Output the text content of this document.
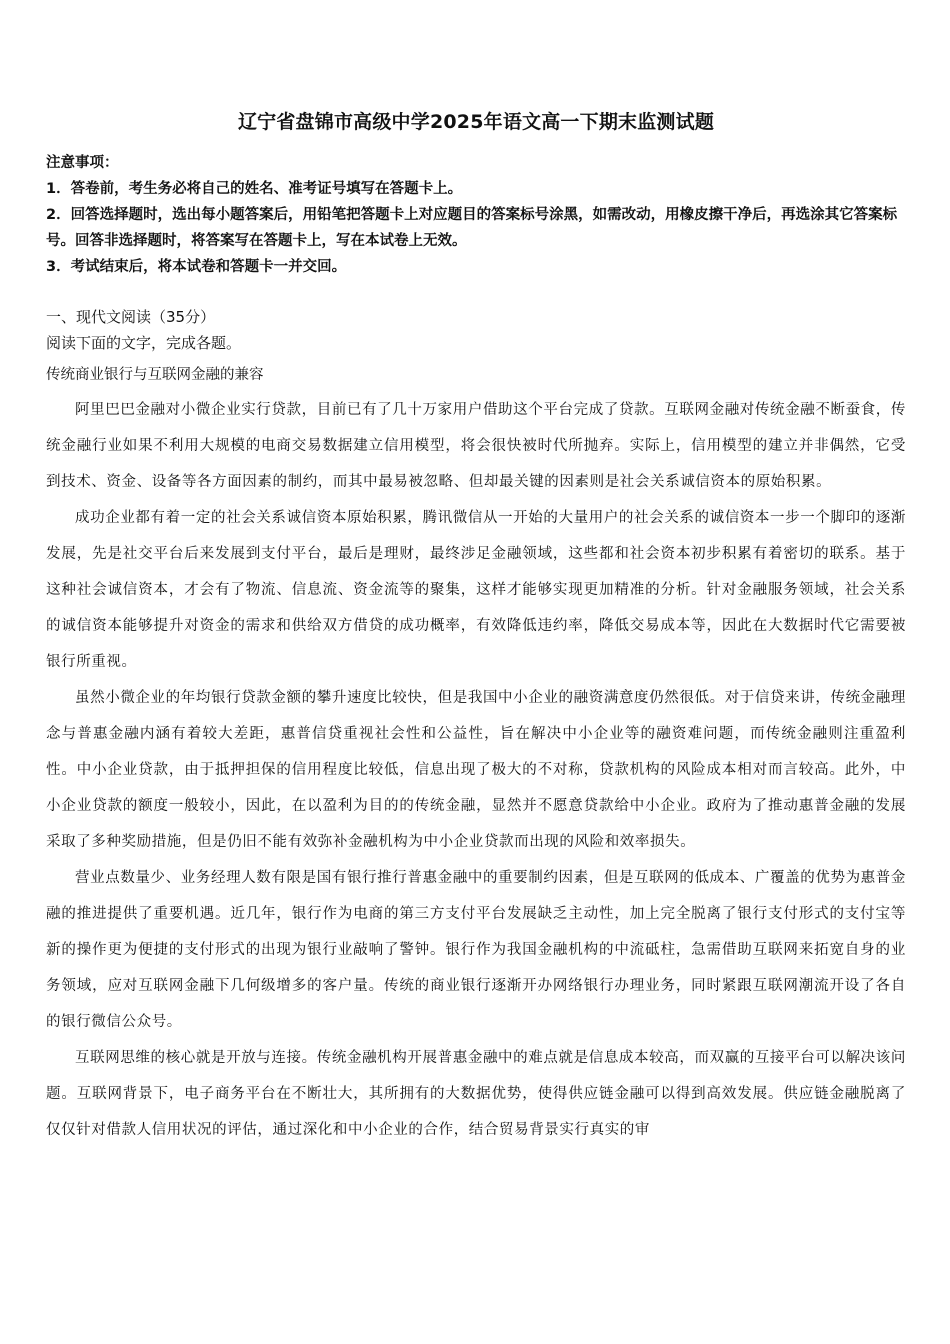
辽宁省盘锦市高级中学2025年语文高一下期末监测试题
注意事项：
1．答卷前，考生务必将自己的姓名、准考证号填写在答题卡上。
2．回答选择题时，选出每小题答案后，用铅笔把答题卡上对应题目的答案标号涂黑，如需改动，用橡皮擦干净后，再选涂其它答案标号。回答非选择题时，将答案写在答题卡上，写在本试卷上无效。
3．考试结束后，将本试卷和答题卡一并交回。
一、现代文阅读（35分）
阅读下面的文字，完成各题。
传统商业银行与互联网金融的兼容

阿里巴巴金融对小微企业实行贷款，目前已有了几十万家用户借助这个平台完成了贷款。互联网金融对传统金融不断蚕食，传统金融行业如果不利用大规模的电商交易数据建立信用模型，将会很快被时代所抛弃。实际上，信用模型的建立并非偶然，它受到技术、资金、设备等各方面因素的制约，而其中最易被忽略、但却最关键的因素则是社会关系诚信资本的原始积累。

成功企业都有着一定的社会关系诚信资本原始积累，腾讯微信从一开始的大量用户的社会关系的诚信资本一步一个脚印的逐渐发展，先是社交平台后来发展到支付平台，最后是理财，最终涉足金融领域，这些都和社会资本初步积累有着密切的联系。基于这种社会诚信资本，才会有了物流、信息流、资金流等的聚集，这样才能够实现更加精准的分析。针对金融服务领域，社会关系的诚信资本能够提升对资金的需求和供给双方借贷的成功概率，有效降低违约率，降低交易成本等，因此在大数据时代它需要被银行所重视。

虽然小微企业的年均银行贷款金额的攀升速度比较快，但是我国中小企业的融资满意度仍然很低。对于信贷来讲，传统金融理念与普惠金融内涵有着较大差距，惠普信贷重视社会性和公益性，旨在解决中小企业等的融资难问题，而传统金融则注重盈利性。中小企业贷款，由于抵押担保的信用程度比较低，信息出现了极大的不对称，贷款机构的风险成本相对而言较高。此外，中小企业贷款的额度一般较小，因此，在以盈利为目的的传统金融，显然并不愿意贷款给中小企业。政府为了推动惠普金融的发展采取了多种奖励措施，但是仍旧不能有效弥补金融机构为中小企业贷款而出现的风险和效率损失。

营业点数量少、业务经理人数有限是国有银行推行普惠金融中的重要制约因素，但是互联网的低成本、广覆盖的优势为惠普金融的推进提供了重要机遇。近几年，银行作为电商的第三方支付平台发展缺乏主动性，加上完全脱离了银行支付形式的支付宝等新的操作更为便捷的支付形式的出现为银行业敲响了警钟。银行作为我国金融机构的中流砥柱，急需借助互联网来拓宽自身的业务领域，应对互联网金融下几何级增多的客户量。传统的商业银行逐渐开办网络银行办理业务，同时紧跟互联网潮流开设了各自的银行微信公众号。

互联网思维的核心就是开放与连接。传统金融机构开展普惠金融中的难点就是信息成本较高，而双赢的互接平台可以解决该问题。互联网背景下，电子商务平台在不断壮大，其所拥有的大数据优势，使得供应链金融可以得到高效发展。供应链金融脱离了仅仅针对借款人信用状况的评估，通过深化和中小企业的合作，结合贸易背景实行真实的审
